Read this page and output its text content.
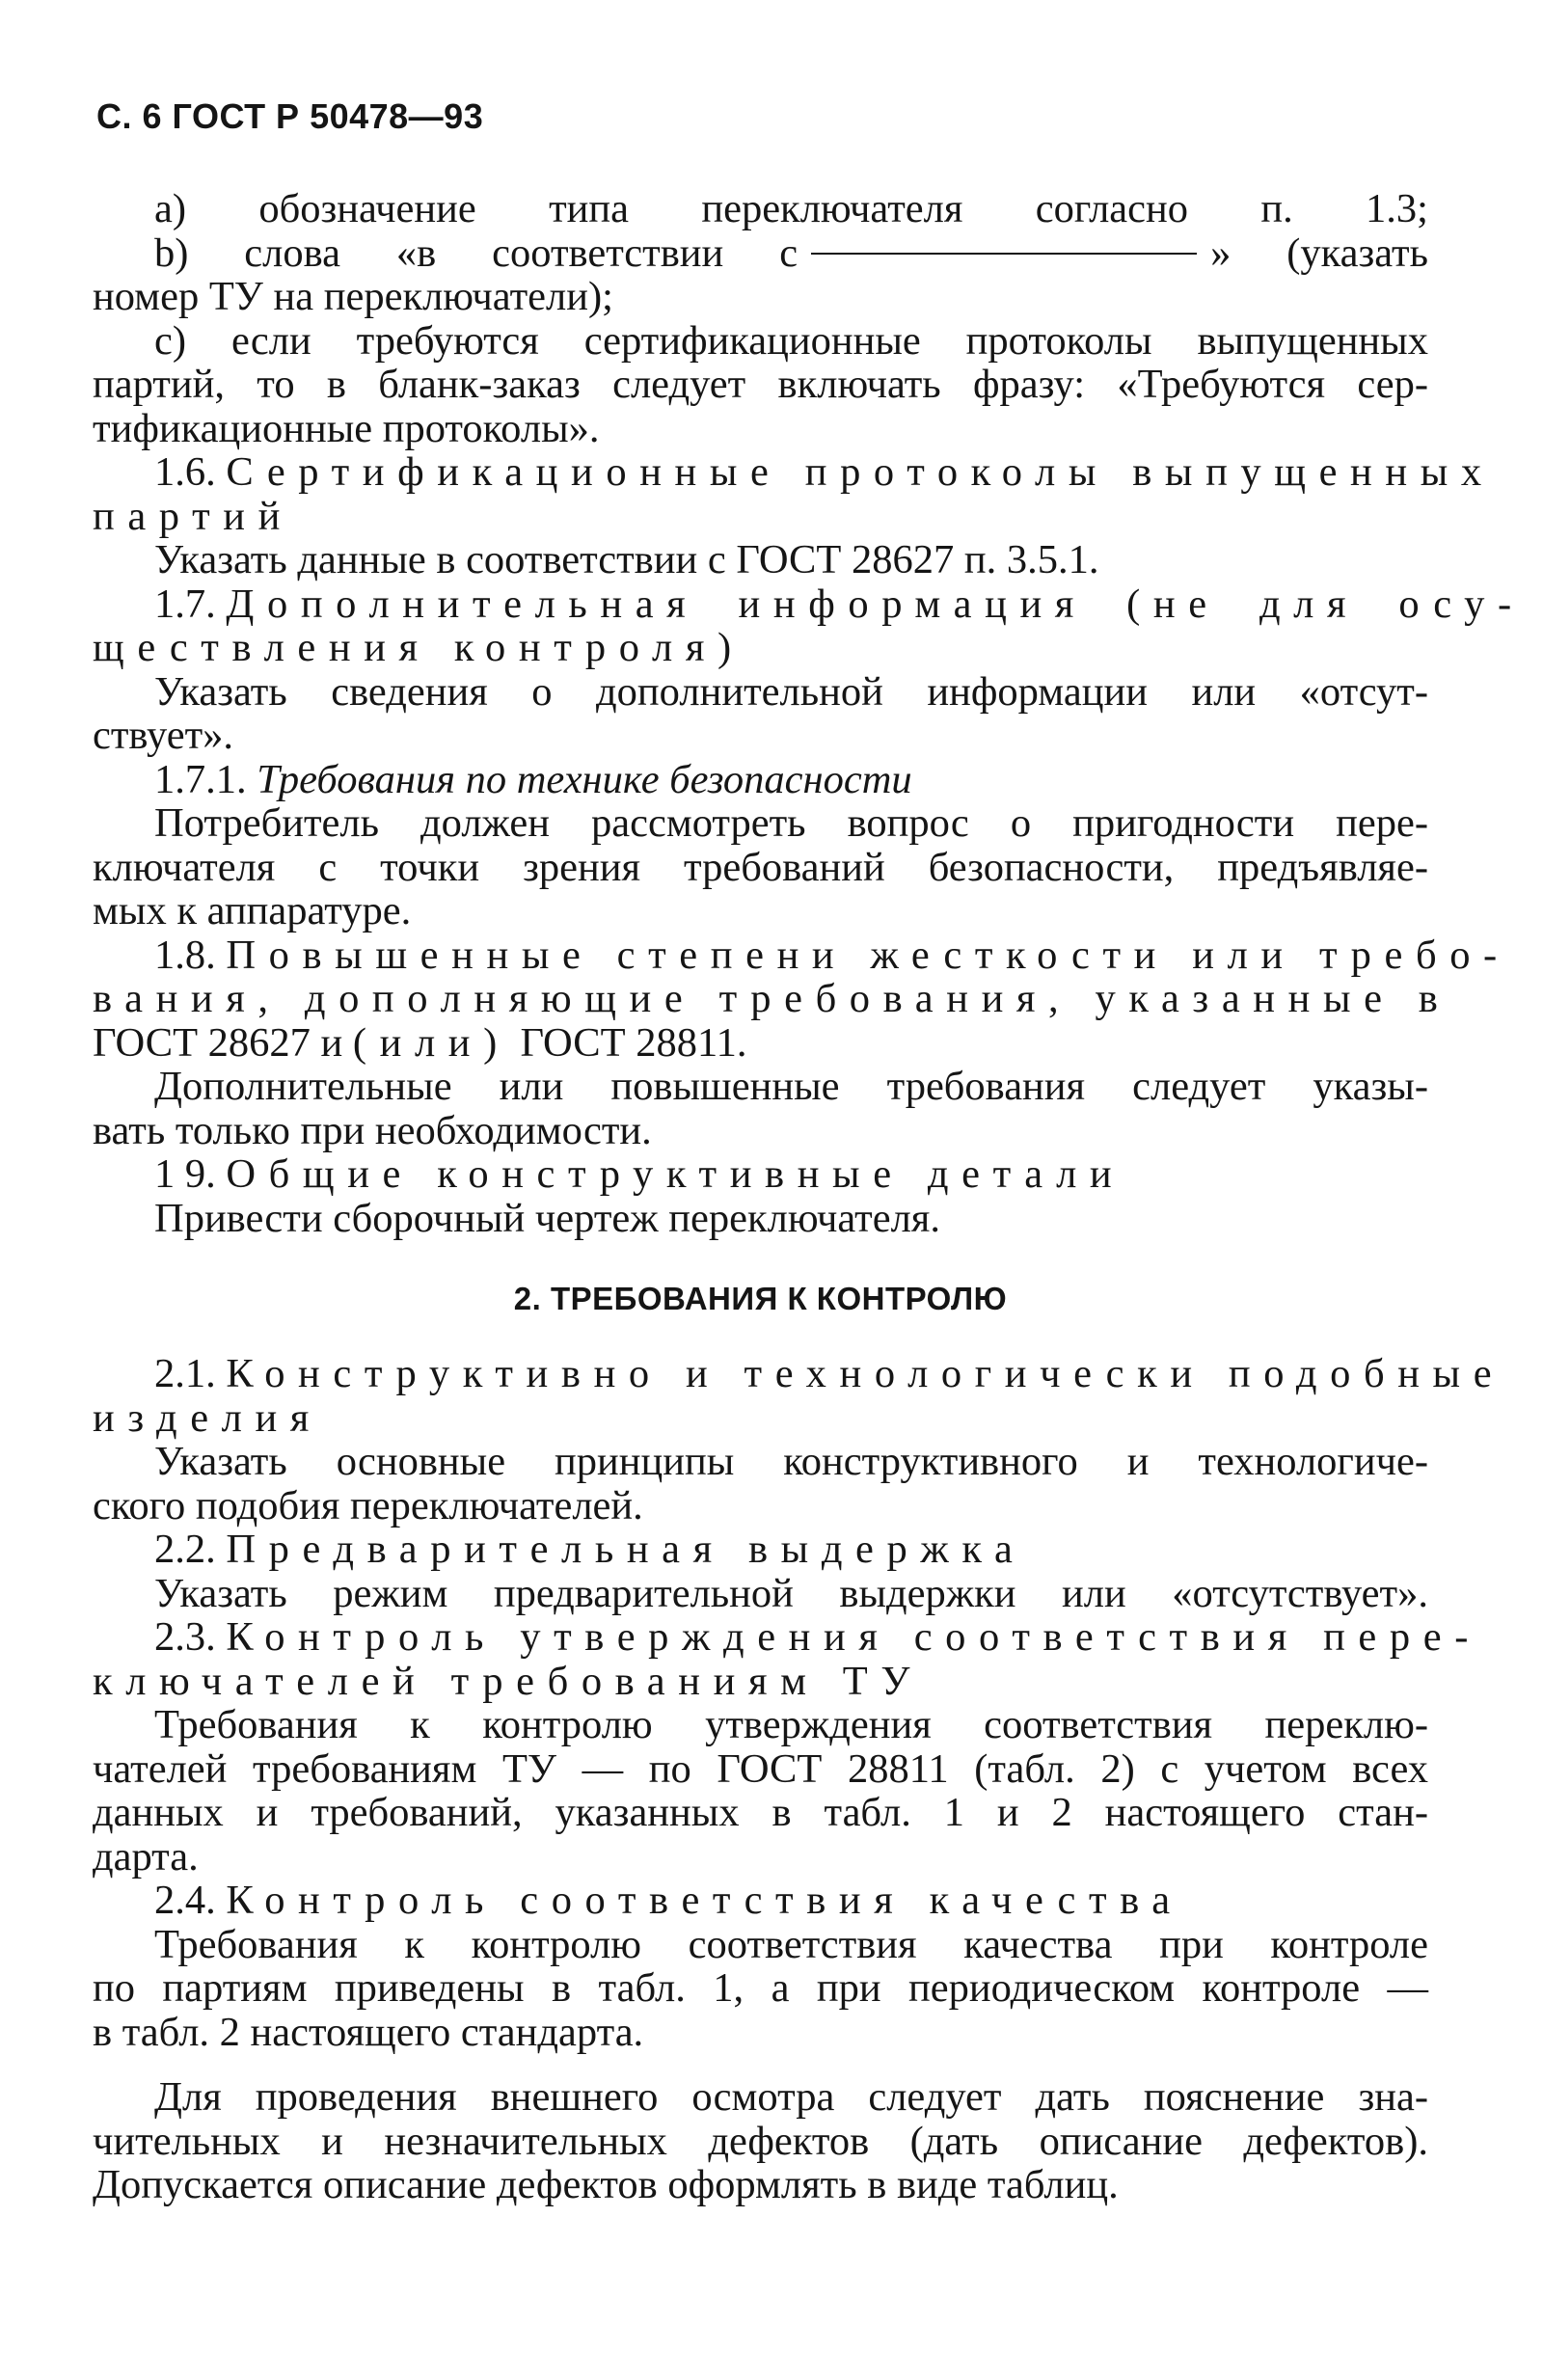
С. 6 ГОСТ Р 50478—93
а) обозначение типа переключателя согласно п. 1.3;
b) слова «в соответствии с	» (указать
номер ТУ на переключатели);
с) если требуются сертификационные протоколы выпущенных
партий, то в бланк-заказ следует включать фразу: «Требуются сер-
тификационные протоколы».
1.6. Сертификационные протоколы выпущенных
партий
Указать данные в соответствии с ГОСТ 28627 п. 3.5.1.
1.7. Дополнительная информация (не для осу-
ществления контроля)
Указать сведения о дополнительной информации или «отсут-
ствует».
1.7.1. Требования по технике безопасности
Потребитель должен рассмотреть вопрос о пригодности пере-
ключателя с точки зрения требований безопасности, предъявляе-
мых к аппаратуре.
1.8. Повышенные степени жесткости или требо-
вания, дополняющие требования, указанные в
ГОСТ 28627 и (или) ГОСТ 28811.
Дополнительные или повышенные требования следует указы-
вать только при необходимости.
1 9. Общие конструктивные детали
Привести сборочный чертеж переключателя.
2. ТРЕБОВАНИЯ К КОНТРОЛЮ
2.1. Конструктивно и технологически подобные
изделия
Указать основные принципы конструктивного и технологиче-
ского подобия переключателей.
2.2. Предварительная выдержка
Указать режим предварительной выдержки или «отсутствует».
2.3. Контроль утверждения соответствия пере-
ключателей требованиям ТУ
Требования к контролю утверждения соответствия переклю-
чателей требованиям ТУ — по ГОСТ 28811 (табл. 2) с учетом всех
данных и требований, указанных в табл. 1 и 2 настоящего стан-
дарта.
2.4. Контроль соответствия качества
Требования к контролю соответствия качества при контроле
по партиям приведены в табл. 1, а при периодическом контроле —
в табл. 2 настоящего стандарта.
Для проведения внешнего осмотра следует дать пояснение зна-
чительных и незначительных дефектов (дать описание дефектов).
Допускается описание дефектов оформлять в виде таблиц.
